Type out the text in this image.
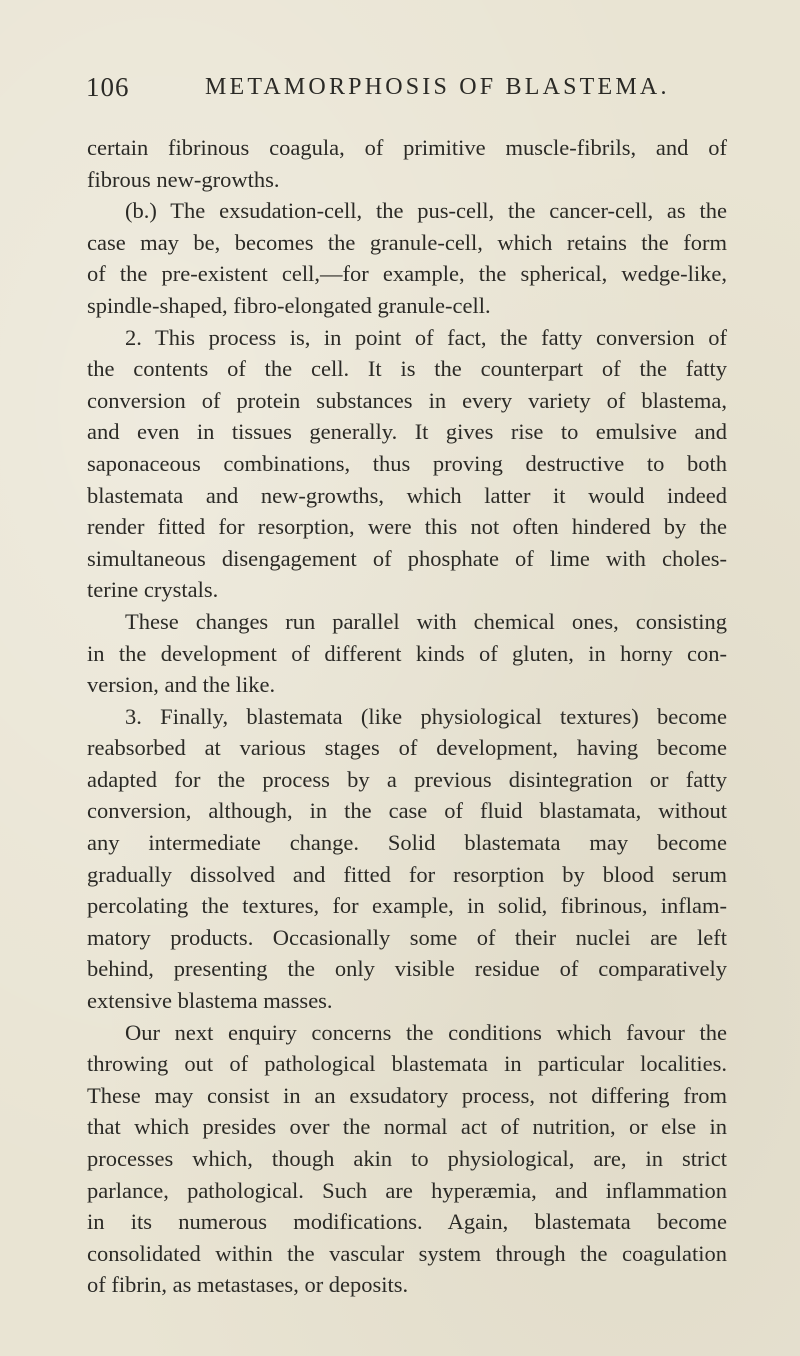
106	METAMORPHOSIS OF BLASTEMA.
certain fibrinous coagula, of primitive muscle-fibrils, and of
fibrous new-growths.
(b.) The exsudation-cell, the pus-cell, the cancer-cell, as the
case may be, becomes the granule-cell, which retains the form
of the pre-existent cell,—for example, the spherical, wedge-like,
spindle-shaped, fibro-elongated granule-cell.
2. This process is, in point of fact, the fatty conversion of
the contents of the cell. It is the counterpart of the fatty
conversion of protein substances in every variety of blastema,
and even in tissues generally. It gives rise to emulsive and
saponaceous combinations, thus proving destructive to both
blastemata and new-growths, which latter it would indeed
render fitted for resorption, were this not often hindered by the
simultaneous disengagement of phosphate of lime with choles-
terine crystals.
These changes run parallel with chemical ones, consisting
in the development of different kinds of gluten, in horny con-
version, and the like.
3. Finally, blastemata (like physiological textures) become
reabsorbed at various stages of development, having become
adapted for the process by a previous disintegration or fatty
conversion, although, in the case of fluid blastamata, without
any intermediate change. Solid blastemata may become
gradually dissolved and fitted for resorption by blood serum
percolating the textures, for example, in solid, fibrinous, inflam-
matory products. Occasionally some of their nuclei are left
behind, presenting the only visible residue of comparatively
extensive blastema masses.
Our next enquiry concerns the conditions which favour the
throwing out of pathological blastemata in particular localities.
These may consist in an exsudatory process, not differing from
that which presides over the normal act of nutrition, or else in
processes which, though akin to physiological, are, in strict
parlance, pathological. Such are hyperæmia, and inflammation
in its numerous modifications. Again, blastemata become
consolidated within the vascular system through the coagulation
of fibrin, as metastases, or deposits.
